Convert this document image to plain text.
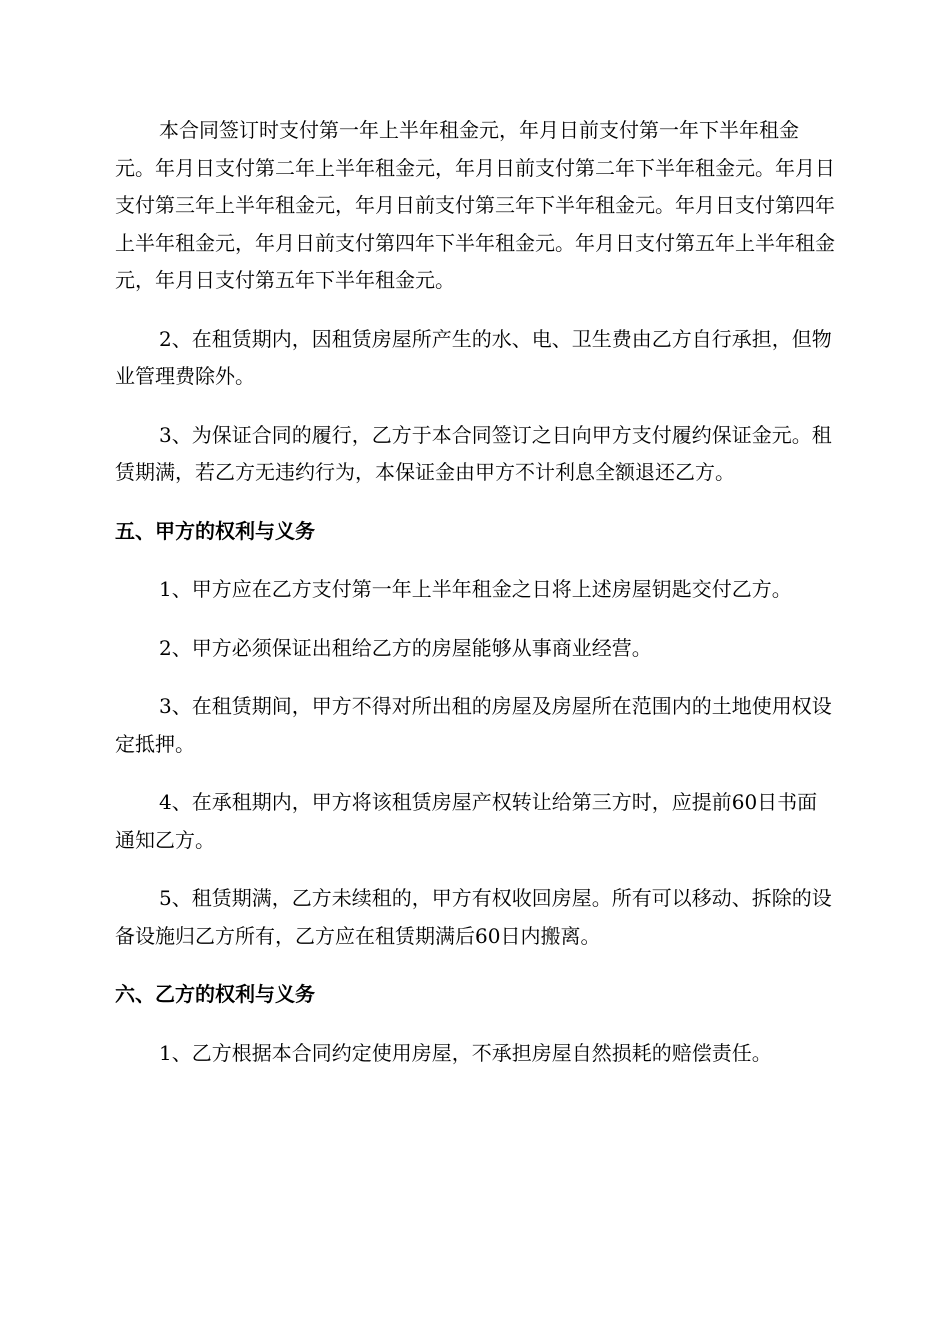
本合同签订时支付第一年上半年租金元，年月日前支付第一年下半年租金元。年月日支付第二年上半年租金元，年月日前支付第二年下半年租金元。年月日支付第三年上半年租金元，年月日前支付第三年下半年租金元。年月日支付第四年上半年租金元，年月日前支付第四年下半年租金元。年月日支付第五年上半年租金元，年月日支付第五年下半年租金元。

2、在租赁期内，因租赁房屋所产生的水、电、卫生费由乙方自行承担，但物业管理费除外。

3、为保证合同的履行，乙方于本合同签订之日向甲方支付履约保证金元。租赁期满，若乙方无违约行为，本保证金由甲方不计利息全额退还乙方。

五、甲方的权利与义务

1、甲方应在乙方支付第一年上半年租金之日将上述房屋钥匙交付乙方。

2、甲方必须保证出租给乙方的房屋能够从事商业经营。

3、在租赁期间，甲方不得对所出租的房屋及房屋所在范围内的土地使用权设定抵押。

4、在承租期内，甲方将该租赁房屋产权转让给第三方时，应提前60日书面通知乙方。

5、租赁期满，乙方未续租的，甲方有权收回房屋。所有可以移动、拆除的设备设施归乙方所有，乙方应在租赁期满后60日内搬离。

六、乙方的权利与义务

1、乙方根据本合同约定使用房屋，不承担房屋自然损耗的赔偿责任。
